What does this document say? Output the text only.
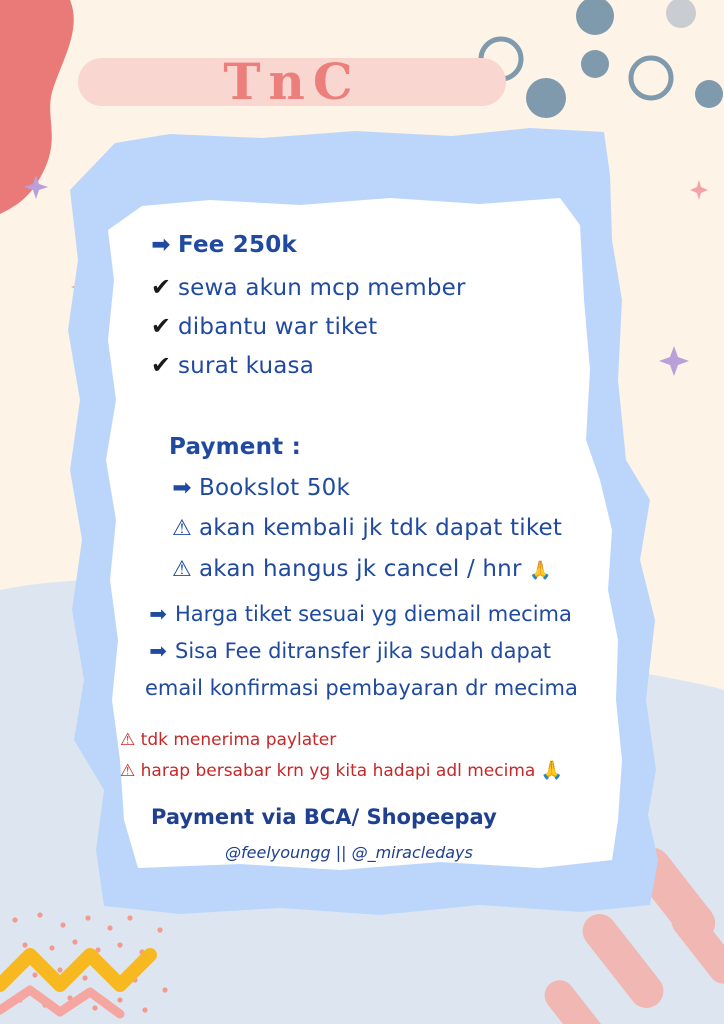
TnC
➡ Fee 250k
✔ sewa akun mcp member
✔ dibantu war tiket
✔ surat kuasa
Payment :
➡ Bookslot 50k
⚠ akan kembali jk tdk dapat tiket
⚠ akan hangus jk cancel / hnr 🙏
➡ Harga tiket sesuai yg diemail mecima
➡ Sisa Fee ditransfer jika sudah dapat
email konfirmasi pembayaran dr mecima
⚠ tdk menerima paylater
⚠ harap bersabar krn yg kita hadapi adl mecima 🙏
Payment via BCA/ Shopeepay
@feelyoungg || @_miracledays
